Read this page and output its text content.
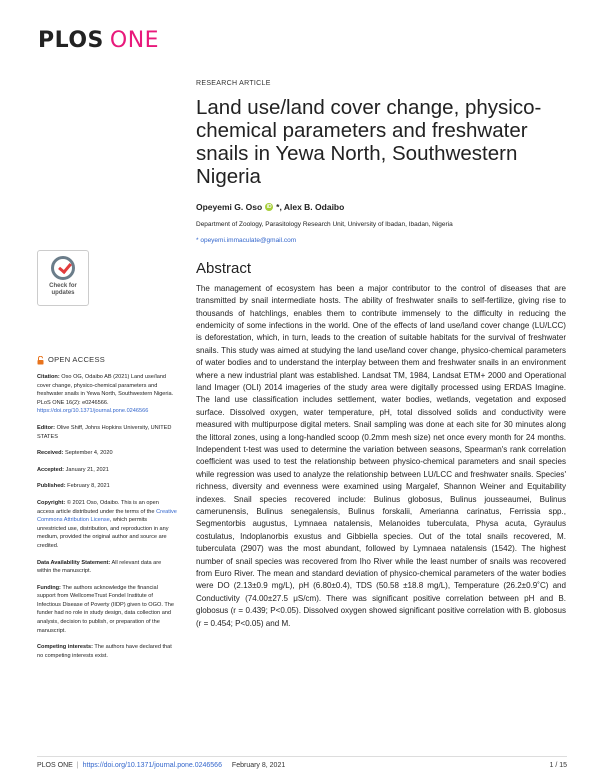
PLOS ONE
Check for
updates
OPEN ACCESS

Citation: Oso OG, Odaibo AB (2021) Land use/land cover change, physico-chemical parameters and freshwater snails in Yewa North, Southwestern Nigeria. PLoS ONE 16(2): e0246566. https://doi.org/10.1371/journal.pone.0246566

Editor: Olive Shiff, Johns Hopkins University, UNITED STATES

Received: September 4, 2020

Accepted: January 21, 2021

Published: February 8, 2021

Copyright: © 2021 Oso, Odaibo. This is an open access article distributed under the terms of the Creative Commons Attribution License, which permits unrestricted use, distribution, and reproduction in any medium, provided the original author and source are credited.

Data Availability Statement: All relevant data are within the manuscript.

Funding: The authors acknowledge the financial support from WellcomeTrust Fondel Institute of Infectious Disease of Poverty (IIDP) given to OGO. The funder had no role in study design, data collection and analysis, decision to publish, or preparation of the manuscript.

Competing interests: The authors have declared that no competing interests exist.

RESEARCH ARTICLE
Land use/land cover change, physico-chemical parameters and freshwater snails in Yewa North, Southwestern Nigeria
Opeyemi G. Oso iD *, Alex B. Odaibo
Department of Zoology, Parasitology Research Unit, University of Ibadan, Ibadan, Nigeria
* opeyemi.immaculate@gmail.com
Abstract
The management of ecosystem has been a major contributor to the control of diseases that are transmitted by snail intermediate hosts. The ability of freshwater snails to self-fertilize, giving rise to thousands of hatchlings, enables them to contribute immensely to the difficulty in reducing the endemicity of some infections in the world. One of the effects of land use/land cover change (LU/LCC) is deforestation, which, in turn, leads to the creation of suitable habitats for the survival of freshwater snails. This study was aimed at studying the land use/land cover change, physico-chemical parameters of water bodies and to understand the interplay between them and freshwater snails in an environment where a new industrial plant was established. Landsat TM, 1984, Landsat ETM+ 2000 and Operational land Imager (OLI) 2014 imageries of the study area were digitally processed using ERDAS Imagine. The land use classification includes settlement, water bodies, wetlands, vegetation and exposed surface. Dissolved oxygen, water temperature, pH, total dissolved solids and conductivity were measured with multipurpose digital meters. Snail sampling was done at each site for 30 minutes along the littoral zones, using a long-handled scoop (0.2mm mesh size) net once every month for 24 months. Independent t-test was used to determine the variation between seasons, Spearman's rank correlation coefficient was used to test the relationship between physico-chemical parameters and snail species while regression was used to analyze the relationship between LU/LCC and freshwater snails. Species' richness, diversity and evenness were examined using Margalef, Shannon Weiner and Equitability indexes. Snail species recovered include: Bulinus globosus, Bulinus jousseaumei, Bulinus camerunensis, Bulinus senegalensis, Bulinus forskalii, Amerianna carinatus, Ferrissia spp., Segmentorbis augustus, Lymnaea natalensis, Melanoides tuberculata, Physa acuta, Gyraulus costulatus, Indoplanorbis exustus and Gibbiella species. Out of the total snails recovered, M. tuberculata (2907) was the most abundant, followed by Lymnaea natalensis (1542). The highest number of snail species was recovered from Iho River while the least number of snails was recovered from Euro River. The mean and standard deviation of physico-chemical parameters of the water bodies were DO (2.13±0.9 mg/L), pH (6.80±0.4), TDS (50.58 ±18.8 mg/L), Temperature (26.2±0.9˚C) and Conductivity (74.00±27.5 μS/cm). There was significant positive correlation between pH and B. globosus (r = 0.439; P<0.05). Dissolved oxygen showed significant positive correlation with B. globosus (r = 0.454; P<0.05) and M.
PLOS ONE | https://doi.org/10.1371/journal.pone.0246566 February 8, 2021	1 / 15
